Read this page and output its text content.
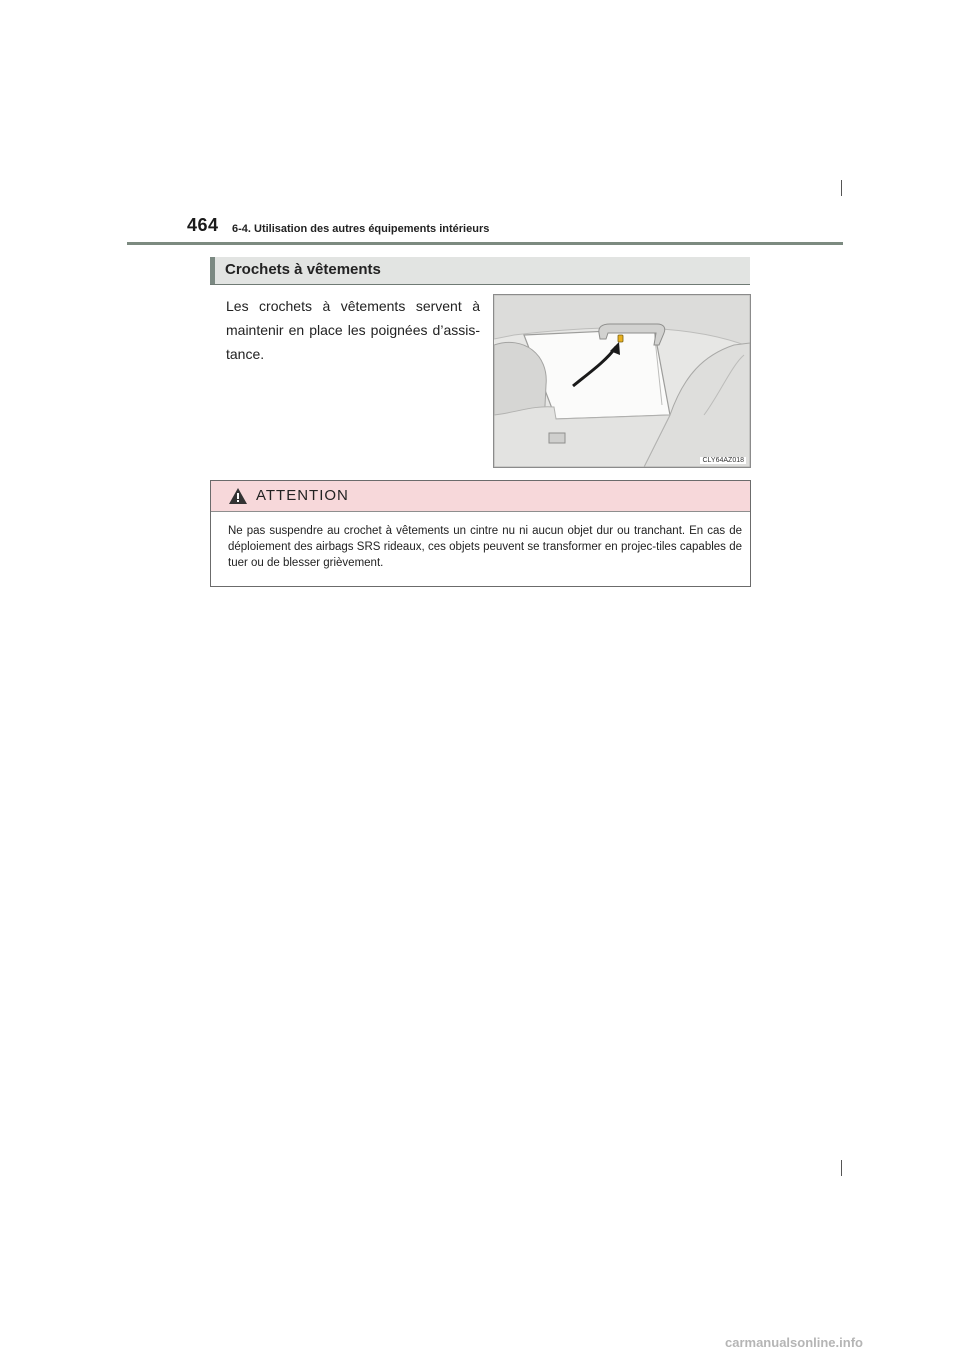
464 6-4. Utilisation des autres équipements intérieurs
Crochets à vêtements
Les crochets à vêtements servent à maintenir en place les poignées d’assis-tance.
CLY64AZ018
ATTENTION
Ne pas suspendre au crochet à vêtements un cintre nu ni aucun objet dur ou tranchant. En cas de déploiement des airbags SRS rideaux, ces objets peuvent se transformer en projec-tiles capables de tuer ou de blesser grièvement.
carmanualsonline.info
